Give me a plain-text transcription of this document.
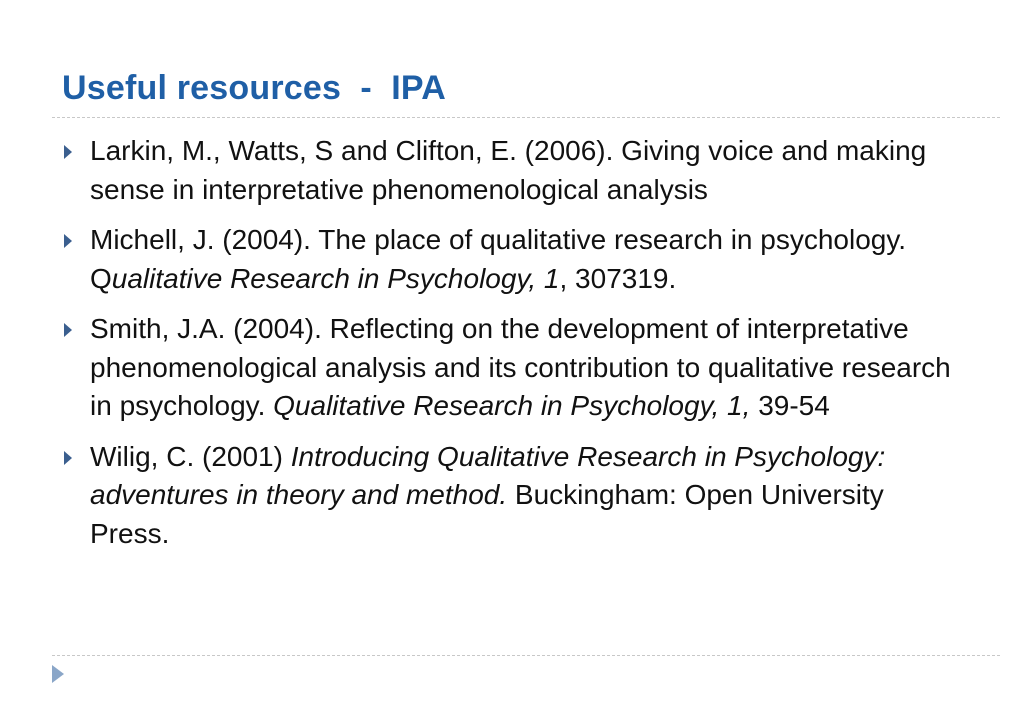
Useful resources  -  IPA
Larkin, M., Watts, S and Clifton, E. (2006). Giving voice and making sense in interpretative phenomenological analysis
Michell, J. (2004). The place of qualitative research in psychology. Qualitative Research in Psychology, 1, 307319.
Smith, J.A. (2004). Reflecting on the development of interpretative phenomenological analysis and its contribution to qualitative research in psychology. Qualitative Research in Psychology, 1, 39-54
Wilig, C. (2001) Introducing Qualitative Research in Psychology: adventures in theory and method. Buckingham: Open University Press.
